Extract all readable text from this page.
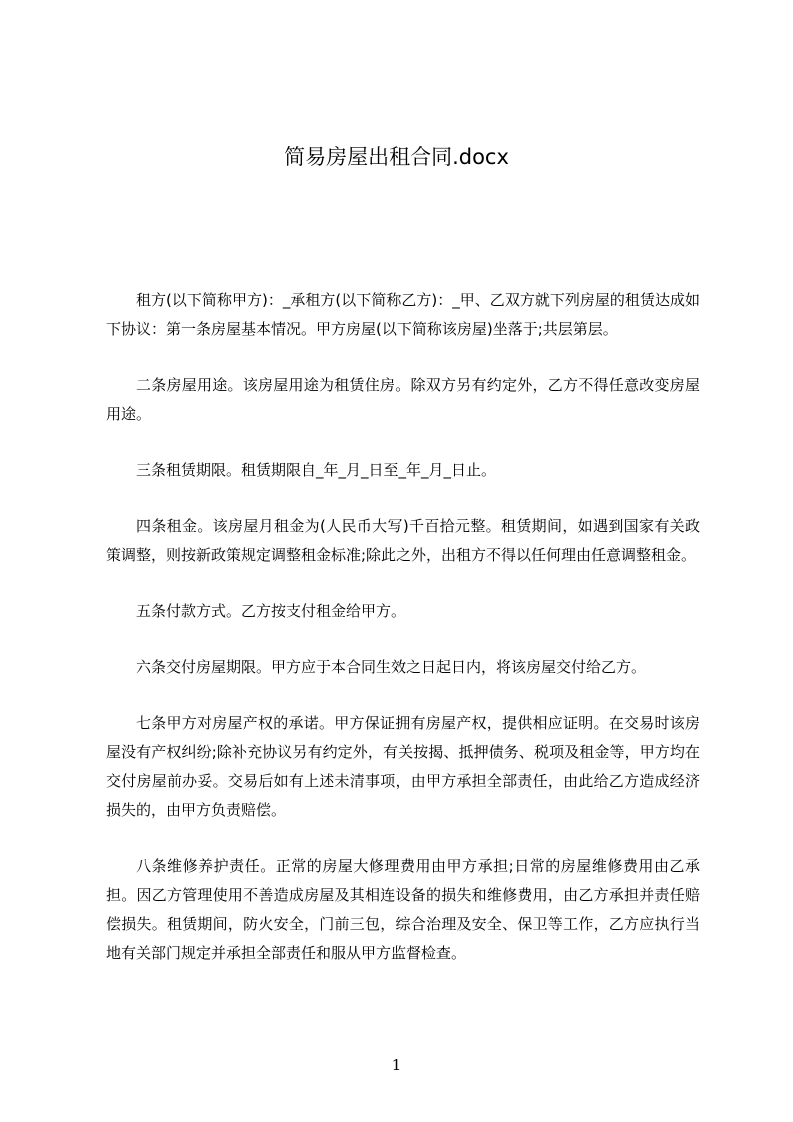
简易房屋出租合同.docx

租方(以下简称甲方)：_承租方(以下简称乙方)：_甲、乙双方就下列房屋的租赁达成如下协议：第一条房屋基本情况。甲方房屋(以下简称该房屋)坐落于;共层第层。

二条房屋用途。该房屋用途为租赁住房。除双方另有约定外，乙方不得任意改变房屋用途。

三条租赁期限。租赁期限自_年_月_日至_年_月_日止。

四条租金。该房屋月租金为(人民币大写)千百拾元整。租赁期间，如遇到国家有关政策调整，则按新政策规定调整租金标准;除此之外，出租方不得以任何理由任意调整租金。

五条付款方式。乙方按支付租金给甲方。

六条交付房屋期限。甲方应于本合同生效之日起日内，将该房屋交付给乙方。

七条甲方对房屋产权的承诺。甲方保证拥有房屋产权，提供相应证明。在交易时该房屋没有产权纠纷;除补充协议另有约定外，有关按揭、抵押债务、税项及租金等，甲方均在交付房屋前办妥。交易后如有上述未清事项，由甲方承担全部责任，由此给乙方造成经济损失的，由甲方负责赔偿。

八条维修养护责任。正常的房屋大修理费用由甲方承担;日常的房屋维修费用由乙承担。因乙方管理使用不善造成房屋及其相连设备的损失和维修费用，由乙方承担并责任赔偿损失。租赁期间，防火安全，门前三包，综合治理及安全、保卫等工作，乙方应执行当地有关部门规定并承担全部责任和服从甲方监督检查。

1
